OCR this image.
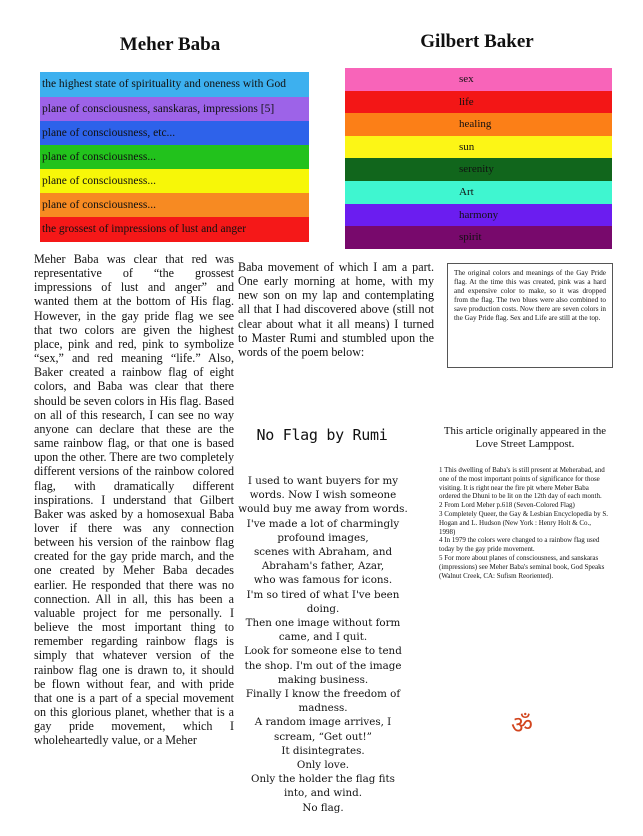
Meher Baba	Gilbert Baker
the highest state of spirituality and oneness with God
plane of consciousness, sanskaras, impressions [5]
plane of consciousness, etc...
plane of consciousness...
plane of consciousness...
plane of consciousness...
the grossest of impressions of lust and anger
sex
life
healing
sun
serenity
Art
harmony
spirit

Meher Baba was clear that red was representative of “the grossest impressions of lust and anger” and wanted them at the bottom of His flag. However, in the gay pride flag we see that two colors are given the highest place, pink and red, pink to symbolize “sex,” and red meaning “life.” Also, Baker created a rainbow flag of eight colors, and Baba was clear that there should be seven colors in His flag. Based on all of this research, I can see no way anyone can declare that these are the same rainbow flag, or that one is based upon the other. There are two completely different versions of the rainbow colored flag, with dramatically different inspirations. I understand that Gilbert Baker was asked by a homosexual Baba lover if there was any connection between his version of the rainbow flag created for the gay pride march, and the one created by Meher Baba decades earlier. He responded that there was no connection. All in all, this has been a valuable project for me personally. I believe the most important thing to remember regarding rainbow flags is simply that whatever version of the rainbow flag one is drawn to, it should be flown without fear, and with pride that one is a part of a special movement on this glorious planet, whether that is a gay pride movement, which I wholeheartedly value, or a Meher

Baba movement of which I am a part. One early morning at home, with my new son on my lap and contemplating all that I had discovered above (still not clear about what it all means) I turned to Master Rumi and stumbled upon the words of the poem below:

The original colors and meanings of the Gay Pride flag. At the time this was created, pink was a hard and expensive color to make, so it was dropped from the flag. The two blues were also combined to save production costs. Now there are seven colors in the Gay Pride flag. Sex and Life are still at the top.

No Flag by Rumi
I used to want buyers for my words. Now I wish someone would buy me away from words.
I've made a lot of charmingly profound images,
scenes with Abraham, and Abraham's father, Azar,
who was famous for icons.
I'm so tired of what I've been doing.
Then one image without form came, and I quit.
Look for someone else to tend the shop. I'm out of the image making business.
Finally I know the freedom of madness.
A random image arrives, I scream, “Get out!”
It disintegrates.
Only love.
Only the holder the flag fits into, and wind.
No flag.
This article originally appeared in the Love Street Lamppost.

1 This dwelling of Baba's is still present at Meherabad, and one of the most important points of significance for those visiting. It is right near the fire pit where Meher Baba ordered the Dhuni to be lit on the 12th day of each month.

2 From Lord Meher p.618 (Seven-Colored Flag)

3 Completely Queer, the Gay & Lesbian Encyclopedia by S. Hogan and L. Hudson (New York : Henry Holt & Co., 1998)

4 In 1979 the colors were changed to a rainbow flag used today by the gay pride movement.

5 For more about planes of consciousness, and sanskaras (impressions) see Meher Baba's seminal book, God Speaks (Walnut Creek, CA: Sufism Reoriented).

ॐ
